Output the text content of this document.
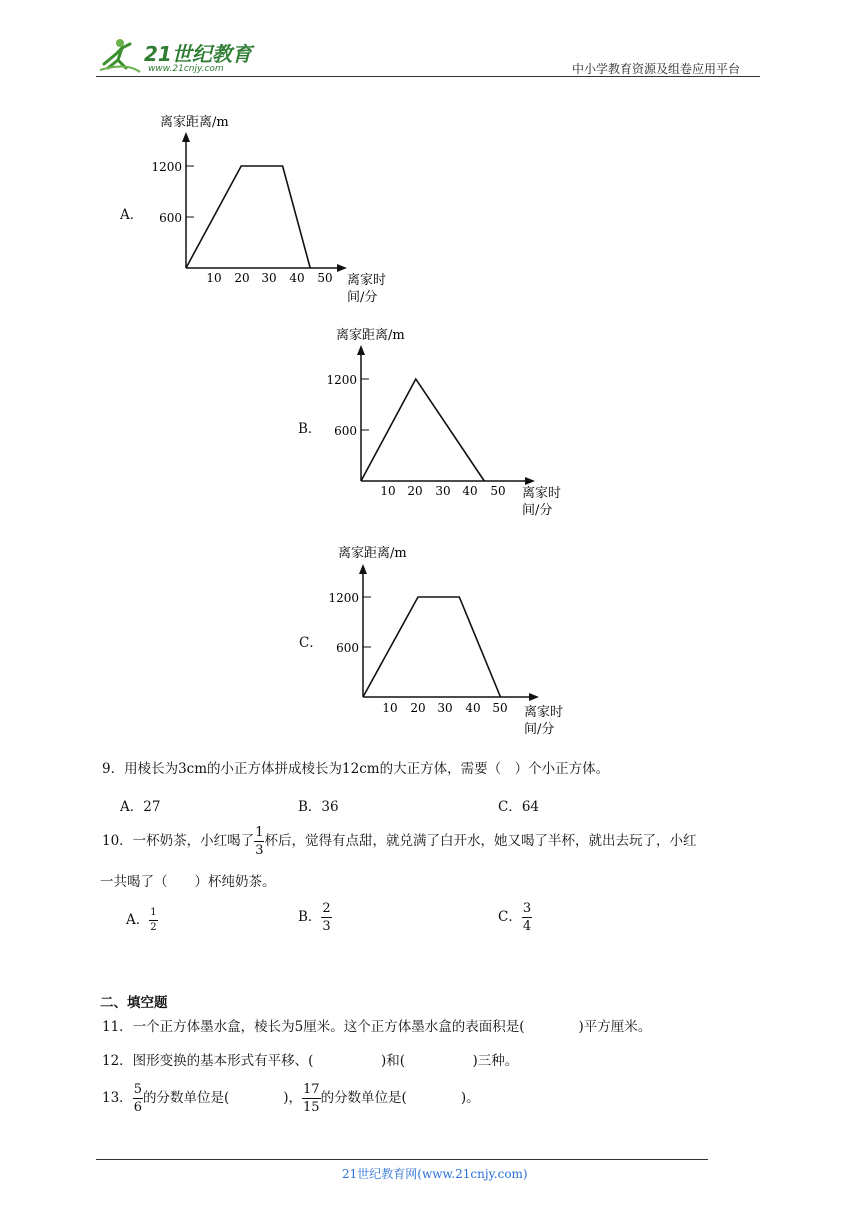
21世纪教育
www.21cnjy.com	中小学教育资源及组卷应用平台
A．
离家距离/m
1200
600
10 20 30 40 50 离家时
间/分
B．
离家距离/m
1200
600
10 20 30 40 50 离家时
间/分
C．
离家距离/m
1200
600
10 20 30 40 50 离家时
间/分
9．用棱长为3cm的小正方体拼成棱长为12cm的大正方体，需要（　）个小正方体。
A．27	B．36	C．64
10．一杯奶茶，小红喝了 $\frac{1}{3}$ 杯后，觉得有点甜，就兑满了白开水，她又喝了半杯，就出去玩了，小红
一共喝了（　　）杯纯奶茶。
A． $\frac{1}{2}$	B． $\frac{2}{3}$	C． $\frac{3}{4}$
二、填空题
11．一个正方体墨水盒，棱长为5厘米。这个正方体墨水盒的表面积是(　　　　)平方厘米。
12．图形变换的基本形式有平移、(　　　　　)和(　　　　　)三种。
13． $\frac{5}{6}$ 的分数单位是(　　　　)， $\frac{17}{15}$ 的分数单位是(　　　　)。
21世纪教育网(www.21cnjy.com)
